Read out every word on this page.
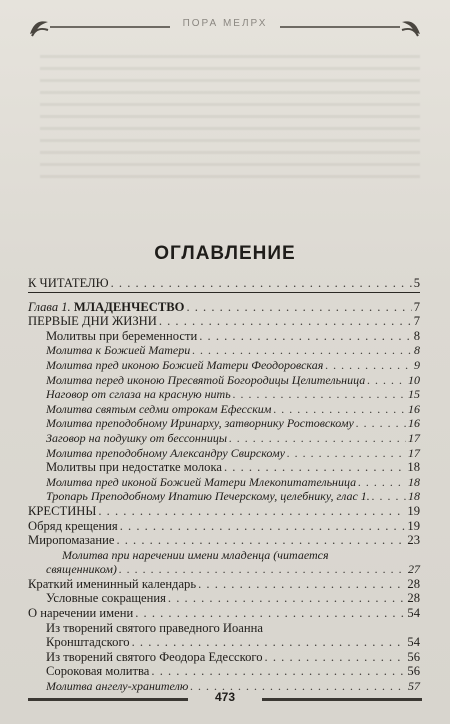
ПОРА МЕЛРХ
ОГЛАВЛЕНИЕ
К ЧИТАТЕЛЮ . . .	5
Глава 1. МЛАДЕНЧЕСТВО . . .	7
ПЕРВЫЕ ДНИ ЖИЗНИ . . .	7
Молитвы при беременности . . .	8
Молитва к Божией Матери . . .	8
Молитва пред иконою Божией Матери Феодоровская . . .	9
Молитва перед иконою Пресвятой Богородицы Целительница . . .	10
Наговор от сглаза на красную нить . . .	15
Молитва святым седми отрокам Ефесским . . .	16
Молитва преподобному Иринарху, затворнику Ростовскому . . .	16
Заговор на подушку от бессонницы . . .	17
Молитва преподобному Александру Свирскому . . .	17
Молитвы при недостатке молока . . .	18
Молитва пред иконой Божией Матери Млекопитательница . . .	18
Тропарь Преподобному Ипатию Печерскому, целебнику, глас 1. . . .	18
КРЕСТИНЫ . . .	19
Обряд крещения . . .	19
Миропомазание . . .	23
Молитва при наречении имени младенца (читается
священником) . . .	27
Краткий именинный календарь . . .	28
Условные сокращения . . .	28
О наречении имени . . .	54
Из творений святого праведного Иоанна
Кронштадского . . .	54
Из творений святого Феодора Едесского . . .	56
Сороковая молитва . . .	56
Молитва ангелу-хранителю . . .	57
473
